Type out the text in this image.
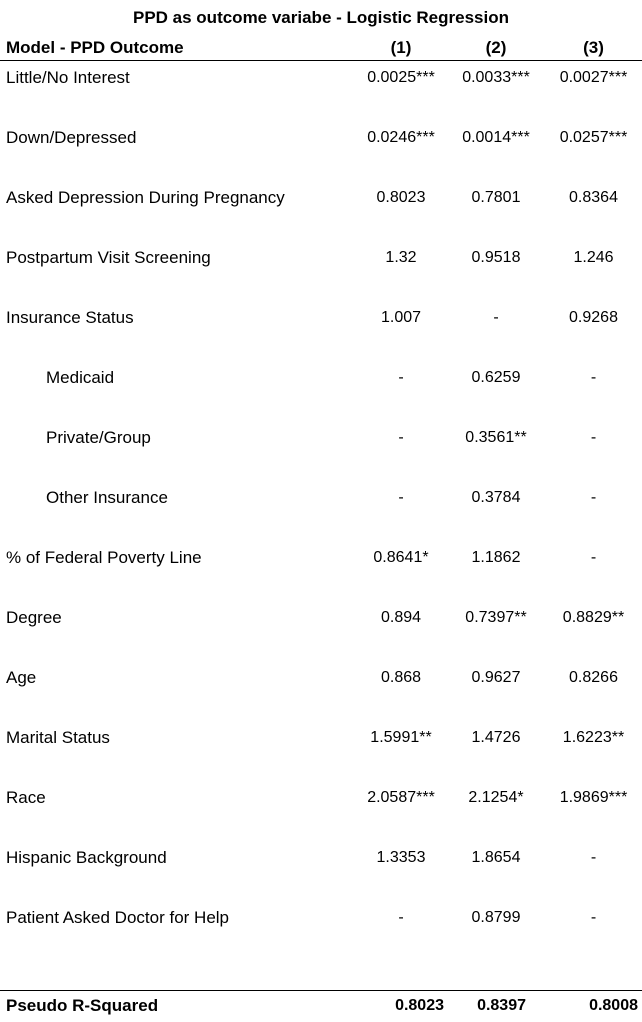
PPD as outcome variabe - Logistic Regression
Model - PPD Outcome	(1)	(2)	(3)
Little/No Interest	0.0025***	0.0033***	0.0027***
Down/Depressed	0.0246***	0.0014***	0.0257***
Asked Depression During Pregnancy	0.8023	0.7801	0.8364
Postpartum Visit Screening	1.32	0.9518	1.246
Insurance Status	1.007	-	0.9268
Medicaid	-	0.6259	-
Private/Group	-	0.3561**	-
Other Insurance	-	0.3784	-
% of Federal Poverty Line	0.8641*	1.1862	-
Degree	0.894	0.7397**	0.8829**
Age	0.868	0.9627	0.8266
Marital Status	1.5991**	1.4726	1.6223**
Race	2.0587***	2.1254*	1.9869***
Hispanic Background	1.3353	1.8654	-
Patient Asked Doctor for Help	-	0.8799	-
Pseudo R-Squared	0.8023	0.8397	0.8008
